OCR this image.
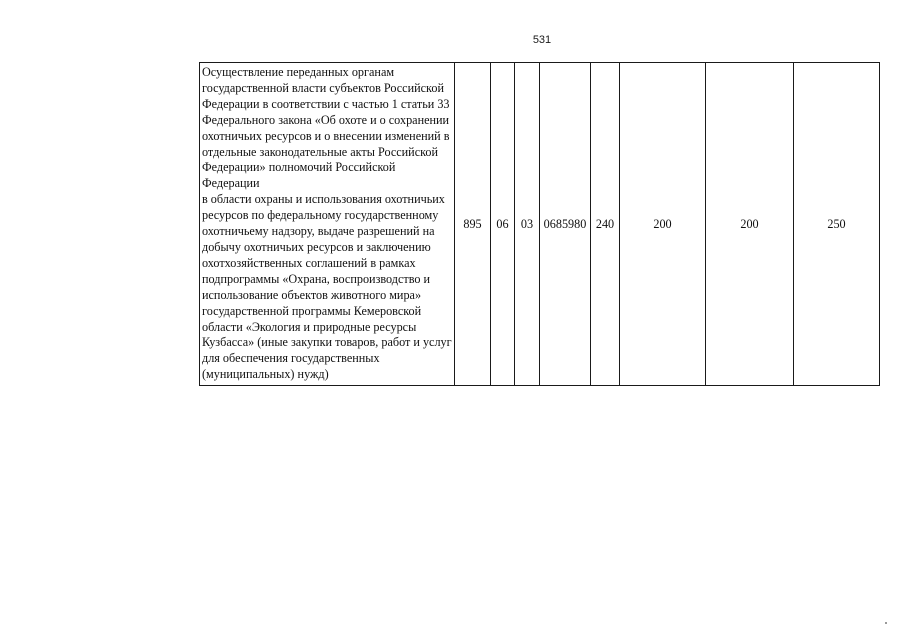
531
Осуществление переданных органам
государственной власти субъектов Российской
Федерации в соответствии с частью 1 статьи 33
Федерального закона «Об охоте и о сохранении
охотничьих ресурсов и о внесении изменений в
отдельные законодательные акты Российской
Федерации» полномочий Российской Федерации
в области охраны и использования охотничьих
ресурсов по федеральному государственному
охотничьему надзору, выдаче разрешений на
добычу охотничьих ресурсов и заключению
охотхозяйственных соглашений в рамках
подпрограммы «Охрана, воспроизводство и
использование объектов животного мира»
государственной программы Кемеровской
области «Экология и природные ресурсы
Кузбасса» (иные закупки товаров, работ и услуг
для обеспечения государственных
(муниципальных) нужд)	895	06	03	0685980	240	200	200	250
